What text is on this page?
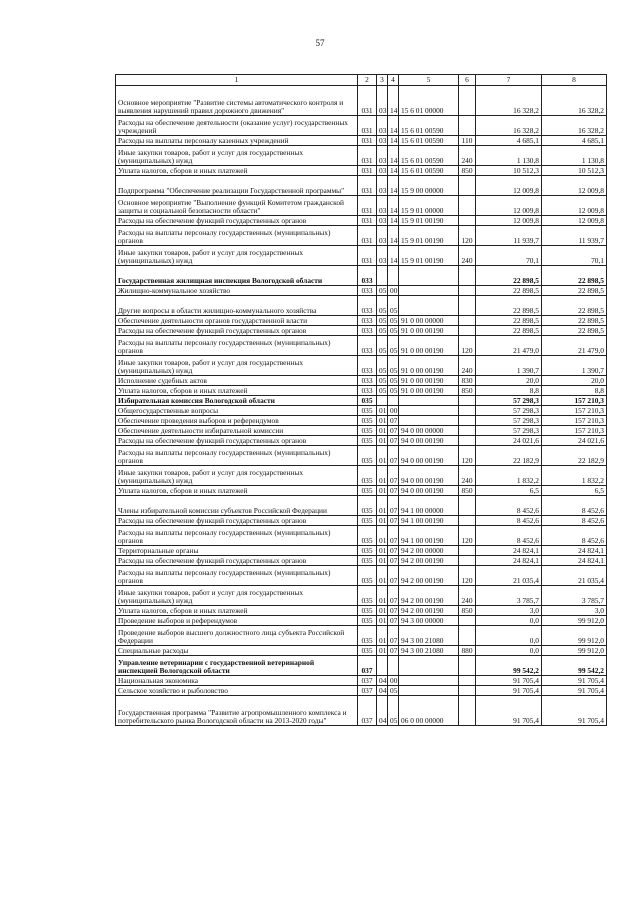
57
1	2	3	4	5	6	7	8
Основное мероприятие "Развитие системы автоматического контроля и выявления нарушений правил дорожного движения"	031	03	14	15 6 01 00000		16 328,2	16 328,2
Расходы на обеспечение деятельности (оказание услуг) государственных учреждений	031	03	14	15 6 01 00590		16 328,2	16 328,2
Расходы на выплаты персоналу казенных учреждений	031	03	14	15 6 01 00590	110	4 685,1	4 685,1
Иные закупки товаров, работ и услуг для государственных (муниципальных) нужд	031	03	14	15 6 01 00590	240	1 130,8	1 130,8
Уплата налогов, сборов и иных платежей	031	03	14	15 6 01 00590	850	10 512,3	10 512,3
Подпрограмма "Обеспечение реализации Государственной программы"	031	03	14	15 9 00 00000		12 009,8	12 009,8
Основное мероприятие "Выполнение функций Комитетом гражданской защиты и социальной безопасности области"	031	03	14	15 9 01 00000		12 009,8	12 009,8
Расходы на обеспечение функций государственных органов	031	03	14	15 9 01 00190		12 009,8	12 009,8
Расходы на выплаты персоналу государственных (муниципальных) органов	031	03	14	15 9 01 00190	120	11 939,7	11 939,7
Иные закупки товаров, работ и услуг для государственных (муниципальных) нужд	031	03	14	15 9 01 00190	240	70,1	70,1
Государственная жилищная инспекция Вологодской области	033					22 898,5	22 898,5
Жилищно-коммунальное хозяйство	033	05	00			22 898,5	22 898,5
Другие вопросы в области жилищно-коммунального хозяйства	033	05	05			22 898,5	22 898,5
Обеспечение деятельности органов государственной власти	033	05	05	91 0 00 00000		22 898,5	22 898,5
Расходы на обеспечение функций государственных органов	033	05	05	91 0 00 00190		22 898,5	22 898,5
Расходы на выплаты персоналу государственных (муниципальных) органов	033	05	05	91 0 00 00190	120	21 479,0	21 479,0
Иные закупки товаров, работ и услуг для государственных (муниципальных) нужд	033	05	05	91 0 00 00190	240	1 390,7	1 390,7
Исполнение судебных актов	033	05	05	91 0 00 00190	830	20,0	20,0
Уплата налогов, сборов и иных платежей	033	05	05	91 0 00 00190	850	8,8	8,8
Избирательная комиссия Вологодской области	035					57 298,3	157 210,3
Общегосударственные вопросы	035	01	00			57 298,3	157 210,3
Обеспечение проведения выборов и референдумов	035	01	07			57 298,3	157 210,3
Обеспечение деятельности избирательной комиссии	035	01	07	94 0 00 00000		57 298,3	157 210,3
Расходы на обеспечение функций государственных органов	035	01	07	94 0 00 00190		24 021,6	24 021,6
Расходы на выплаты персоналу государственных (муниципальных) органов	035	01	07	94 0 00 00190	120	22 182,9	22 182,9
Иные закупки товаров, работ и услуг для государственных (муниципальных) нужд	035	01	07	94 0 00 00190	240	1 832,2	1 832,2
Уплата налогов, сборов и иных платежей	035	01	07	94 0 00 00190	850	6,5	6,5
Члены избирательной комиссии субъектов Российской Федерации	035	01	07	94 1 00 00000		8 452,6	8 452,6
Расходы на обеспечение функций государственных органов	035	01	07	94 1 00 00190		8 452,6	8 452,6
Расходы на выплаты персоналу государственных (муниципальных) органов	035	01	07	94 1 00 00190	120	8 452,6	8 452,6
Территориальные органы	035	01	07	94 2 00 00000		24 824,1	24 824,1
Расходы на обеспечение функций государственных органов	035	01	07	94 2 00 00190		24 824,1	24 824,1
Расходы на выплаты персоналу государственных (муниципальных) органов	035	01	07	94 2 00 00190	120	21 035,4	21 035,4
Иные закупки товаров, работ и услуг для государственных (муниципальных) нужд	035	01	07	94 2 00 00190	240	3 785,7	3 785,7
Уплата налогов, сборов и иных платежей	035	01	07	94 2 00 00190	850	3,0	3,0
Проведение выборов и референдумов	035	01	07	94 3 00 00000		0,0	99 912,0
Проведение выборов высшего должностного лица субъекта Российской Федерации	035	01	07	94 3 00 21080		0,0	99 912,0
Специальные расходы	035	01	07	94 3 00 21080	880	0,0	99 912,0
Управление ветеринарии с государственной ветеринарной инспекцией Вологодской области	037					99 542,2	99 542,2
Национальная экономика	037	04	00			91 705,4	91 705,4
Сельское хозяйство и рыболовство	037	04	05			91 705,4	91 705,4
Государственная программа "Развитие агропромышленного комплекса и потребительского рынка Вологодской области на 2013-2020 годы"	037	04	05	06 0 00 00000		91 705,4	91 705,4
